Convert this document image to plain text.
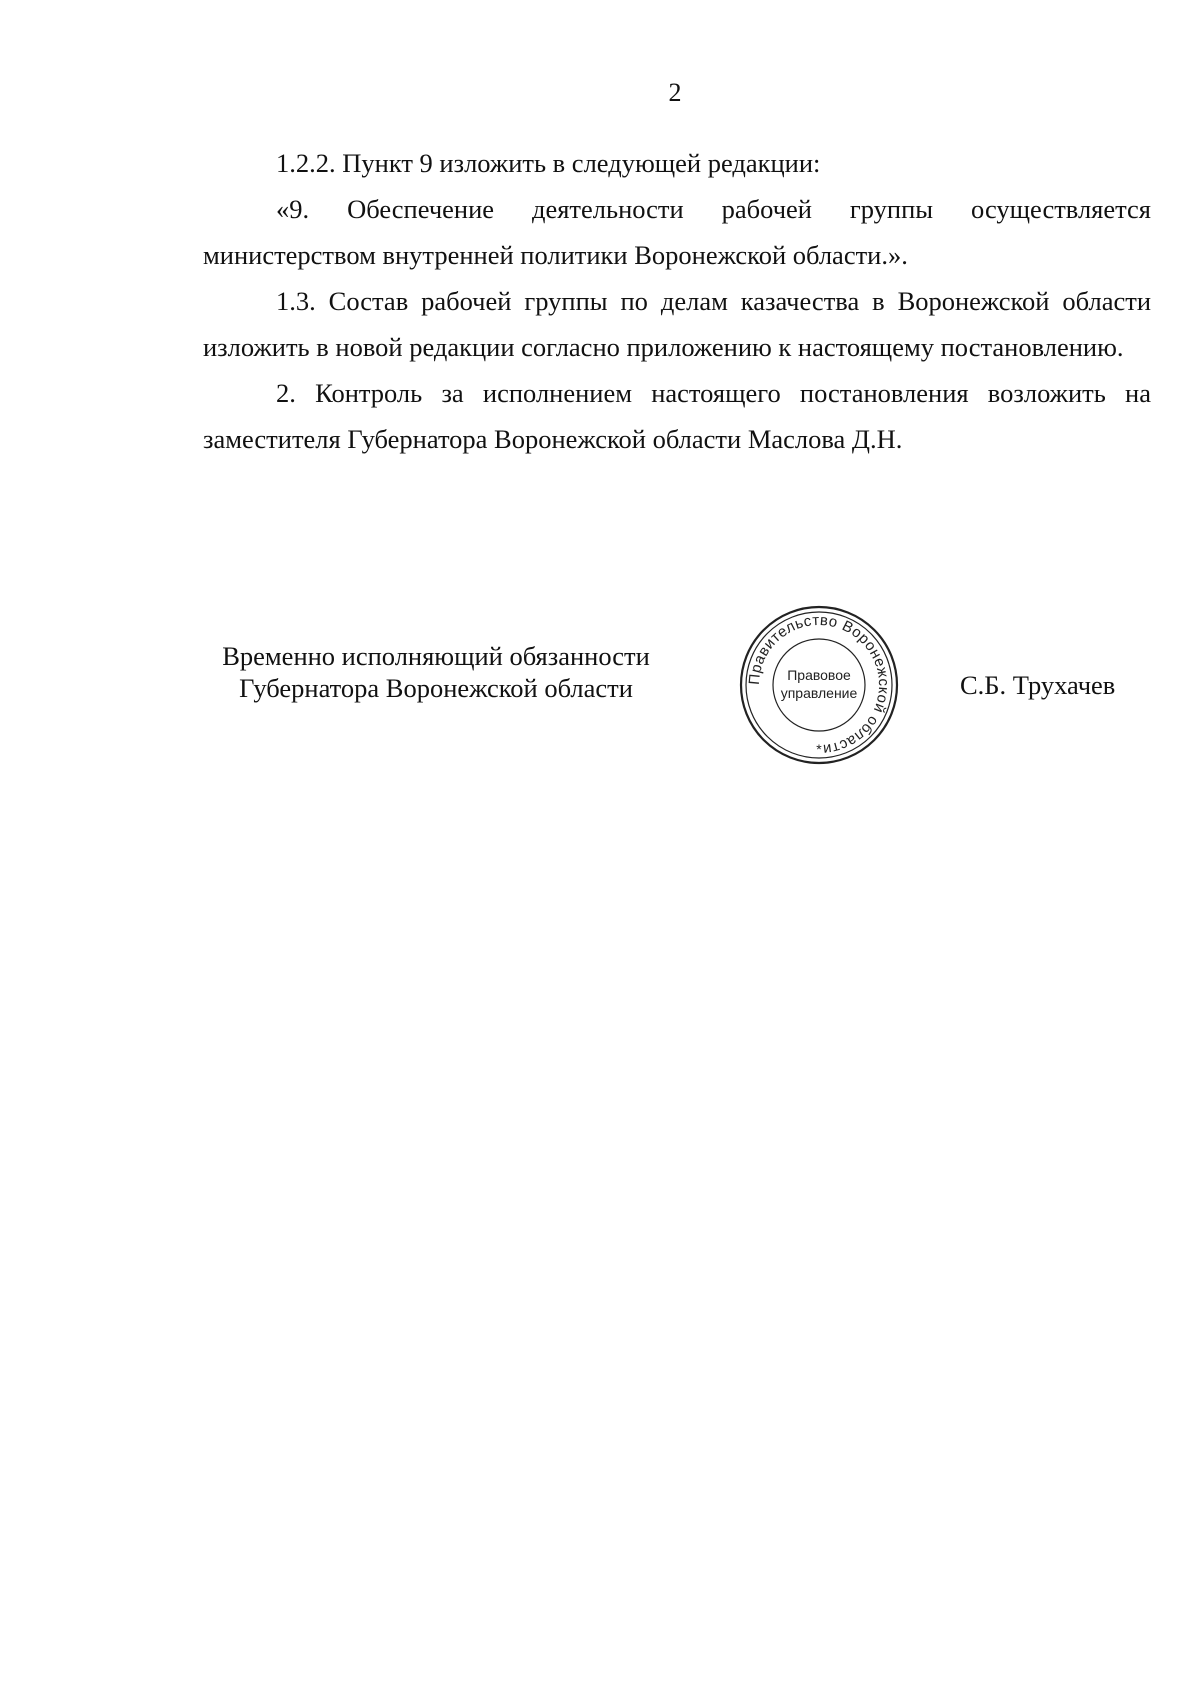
2

1.2.2. Пункт 9 изложить в следующей редакции:

«9. Обеспечение деятельности рабочей группы осуществляется министерством внутренней политики Воронежской области.».

1.3. Состав рабочей группы по делам казачества в Воронежской области изложить в новой редакции согласно приложению к настоящему постановлению.

2. Контроль за исполнением настоящего постановления возложить на заместителя Губернатора Воронежской области Маслова Д.Н.

Временно исполняющий обязанности
Губернатора Воронежской области	Правительство Воронежской области
Правовое
управление
*
С.Б. Трухачев
